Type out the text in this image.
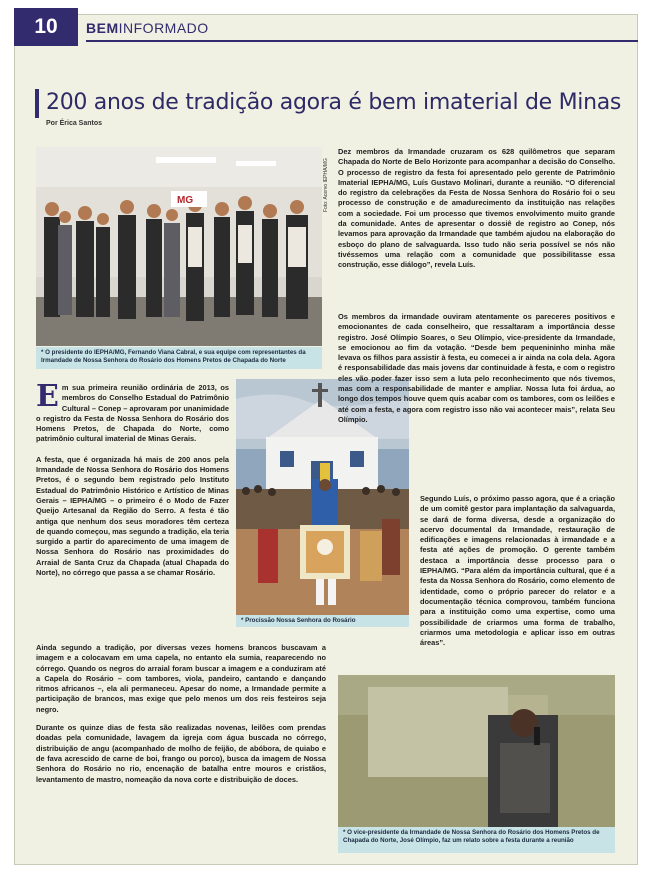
10	BEMINFORMADO
200 anos de tradição agora é bem imaterial de Minas
Por Érica Santos
MG	Foto: Acervo IEPHA/MG
* O presidente do IEPHA/MG, Fernando Viana Cabral, e sua equipe com representantes da Irmandade de Nossa Senhora do Rosário dos Homens Pretos de Chapada do Norte
* Procissão Nossa Senhora do Rosário
* O vice-presidente da Irmandade de Nossa Senhora do Rosário dos Homens Pretos de Chapada do Norte, José Olímpio, faz um relato sobre a festa durante a reunião

Dez membros da Irmandade cruzaram os 628 quilômetros que separam Chapada do Norte de Belo Horizonte para acompanhar a decisão do Conselho. O processo de registro da festa foi apresentado pelo gerente de Patrimônio Imaterial IEPHA/MG, Luís Gustavo Molinari, durante a reunião. “O diferencial do registro da celebrações da Festa de Nossa Senhora do Rosário foi o seu processo de construção e de amadurecimento da instituição nas relações com a sociedade. Foi um processo que tivemos envolvimento muito grande da comunidade. Antes de apresentar o dossiê de registro ao Conep, nós levamos para aprovação da Irmandade que também ajudou na elaboração do esboço do plano de salvaguarda. Isso tudo não seria possível se nós não tivéssemos uma relação com a comunidade que possibilitasse essa construção, esse diálogo”, revela Luís.

Os membros da irmandade ouviram atentamente os pareceres positivos e emocionantes de cada conselheiro, que ressaltaram a importância desse registro. José Olímpio Soares, o Seu Olímpio, vice-presidente da Irmandade, se emocionou ao fim da votação. “Desde bem pequenininho minha mãe levava os filhos para assistir à festa, eu comecei a ir ainda na cola dela. Agora é responsabilidade das mais jovens dar continuidade à festa, e com o registro eles vão poder fazer isso sem a luta pelo reconhecimento que nós tivemos, mas com a responsabilidade de manter e ampliar. Nossa luta foi árdua, ao longo dos tempos houve quem quis acabar com os tambores, com os leilões e até com a festa, e agora com registro isso não vai acontecer mais”, relata Seu Olímpio.

Segundo Luís, o próximo passo agora, que é a criação de um comitê gestor para implantação da salvaguarda, se dará de forma diversa, desde a organização do acervo documental da Irmandade, restauração de edificações e imagens relacionadas à irmandade e a festa até ações de promoção. O gerente também destaca a importância desse processo para o IEPHA/MG. “Para além da importância cultural, que é a festa da Nossa Senhora do Rosário, como elemento de identidade, como o próprio parecer do relator e a documentação técnica comprovou, também funciona para a instituição como uma expertise, como uma possibilidade de criarmos uma forma de trabalho, criarmos uma metodologia e aplicar isso em outras áreas”.

E m sua primeira reunião ordinária de 2013, os membros do Conselho Estadual do Patrimônio Cultural – Conep – aprovaram por unanimidade o registro da Festa de Nossa Senhora do Rosário dos Homens Pretos, de Chapada do Norte, como patrimônio cultural imaterial de Minas Gerais.

A festa, que é organizada há mais de 200 anos pela Irmandade de Nossa Senhora do Rosário dos Homens Pretos, é o segundo bem registrado pelo Instituto Estadual do Patrimônio Histórico e Artístico de Minas Gerais – IEPHA/MG – o primeiro é o Modo de Fazer Queijo Artesanal da Região do Serro. A festa é tão antiga que nenhum dos seus moradores têm certeza de quando começou, mas segundo a tradição, ela teria surgido a partir do aparecimento de uma imagem de Nossa Senhora do Rosário nas proximidades do Arraial de Santa Cruz da Chapada (atual Chapada do Norte), no córrego que passa a se chamar Rosário.

Ainda segundo a tradição, por diversas vezes homens brancos buscavam a imagem e a colocavam em uma capela, no entanto ela sumia, reaparecendo no córrego. Quando os negros do arraial foram buscar a imagem e a conduziram até a Capela do Rosário – com tambores, viola, pandeiro, cantando e dançando ritmos africanos –, ela ali permaneceu. Apesar do nome, a Irmandade permite a participação de brancos, mas exige que pelo menos um dos reis festeiros seja negro.

Durante os quinze dias de festa são realizadas novenas, leilões com prendas doadas pela comunidade, lavagem da igreja com água buscada no córrego, distribuição de angu (acompanhado de molho de feijão, de abóbora, de quiabo e de fava acrescido de carne de boi, frango ou porco), busca da imagem de Nossa Senhora do Rosário no rio, encenação de batalha entre mouros e cristãos, levantamento de mastro, nomeação da nova corte e distribuição de doces.
